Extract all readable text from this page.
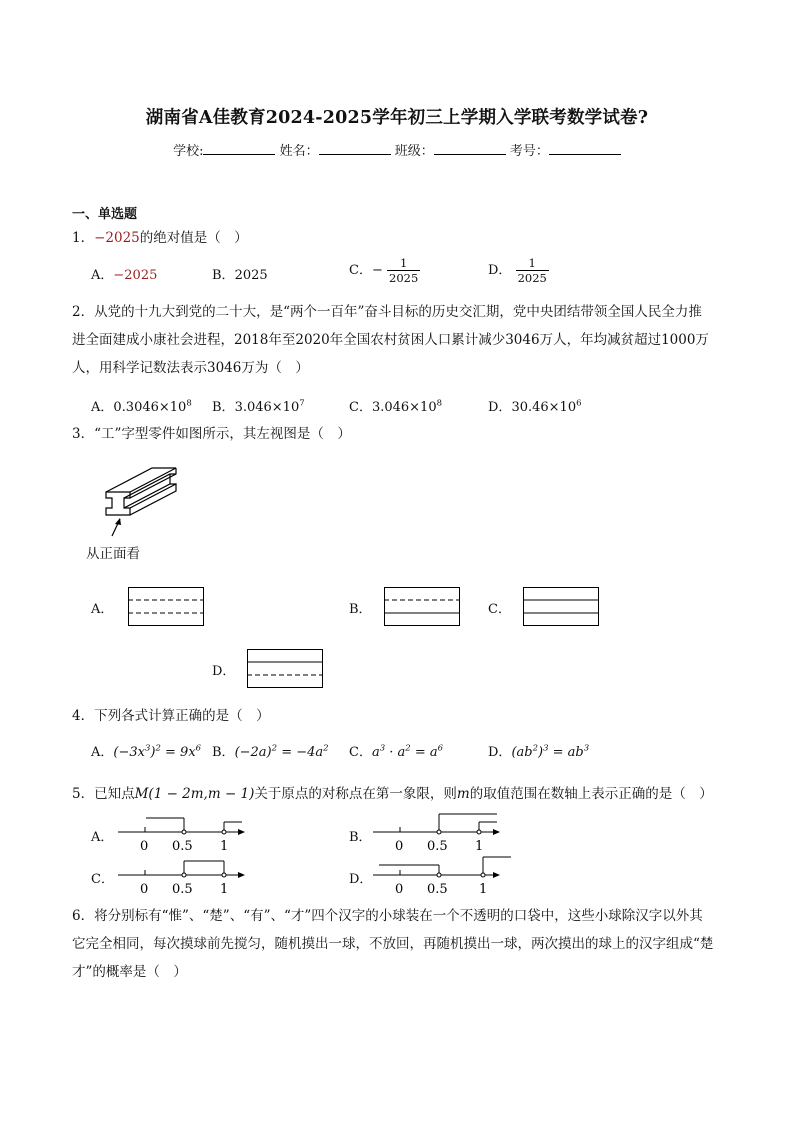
湖南省A佳教育2024-2025学年初三上学期入学联考数学试卷?
学校:	姓名：	班级：	考号：
一、单选题
1．−2025的绝对值是（　）
A．−2025	B．2025	C．− $\frac{1}{2025}$	D． $\frac{1}{2025}$
2．从党的十九大到党的二十大，是“两个一百年”奋斗目标的历史交汇期，党中央团结带领全国人民全力推
进全面建成小康社会进程，2018年至2020年全国农村贫困人口累计减少3046万人，年均减贫超过1000万
人，用科学记数法表示3046万为（　）
A．$0.3046\times 10^8$ B．$3.046\times 10^7$	C．$3.046\times 10^8$	D．$30.46\times 10^6$
3．“工”字型零件如图所示，其左视图是（　）
从正面看
A．	B．	C．
D．
4．下列各式计算正确的是（　）
A．$(-3x^3)^2 = 9x^6$ B．$(-2a)^2 = -4a^2$ C．$a^3 \cdot a^2 = a^6$	D．$(ab^2)^3 = ab^3$
5．已知点M(1 − 2m,m − 1)关于原点的对称点在第一象限，则m的取值范围在数轴上表示正确的是（　）
A．
0 0.5 1
B．
0 0.5 1
C．
0 0.5 1
D．
0 0.5 1
6．将分别标有“惟”、“楚”、“有”、“才”四个汉字的小球装在一个不透明的口袋中，这些小球除汉字以外其
它完全相同，每次摸球前先搅匀，随机摸出一球，不放回，再随机摸出一球，两次摸出的球上的汉字组成“楚
才”的概率是（　）
